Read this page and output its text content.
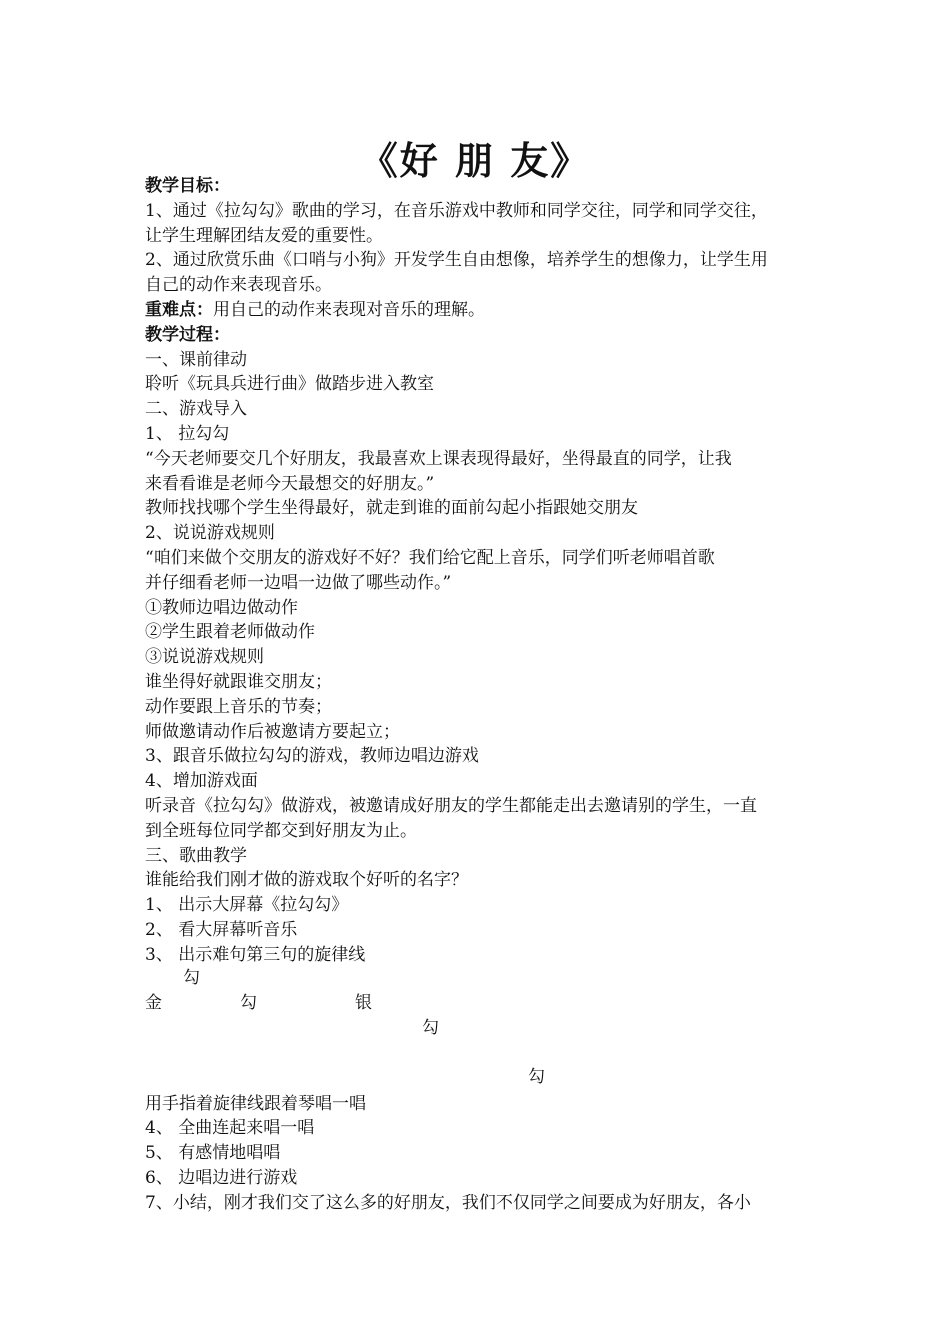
《好 朋 友》
教学目标：
1、通过《拉勾勾》歌曲的学习，在音乐游戏中教师和同学交往，同学和同学交往，
让学生理解团结友爱的重要性。
2、通过欣赏乐曲《口哨与小狗》开发学生自由想像，培养学生的想像力，让学生用
自己的动作来表现音乐。
重难点：用自己的动作来表现对音乐的理解。
教学过程：
一、课前律动
聆听《玩具兵进行曲》做踏步进入教室
二、游戏导入
1、 拉勾勾
“今天老师要交几个好朋友，我最喜欢上课表现得最好，坐得最直的同学，让我
来看看谁是老师今天最想交的好朋友。”
教师找找哪个学生坐得最好，就走到谁的面前勾起小指跟她交朋友
2、说说游戏规则
“咱们来做个交朋友的游戏好不好？我们给它配上音乐，同学们听老师唱首歌
并仔细看老师一边唱一边做了哪些动作。”
①教师边唱边做动作
②学生跟着老师做动作
③说说游戏规则
谁坐得好就跟谁交朋友；
动作要跟上音乐的节奏；
师做邀请动作后被邀请方要起立；
3、跟音乐做拉勾勾的游戏，教师边唱边游戏
4、增加游戏面
听录音《拉勾勾》做游戏，被邀请成好朋友的学生都能走出去邀请别的学生，一直
到全班每位同学都交到好朋友为止。
三、歌曲教学
谁能给我们刚才做的游戏取个好听的名字？
1、 出示大屏幕《拉勾勾》
2、 看大屏幕听音乐
3、 出示难句第三句的旋律线
勾
金	勾	银
勾
勾
用手指着旋律线跟着琴唱一唱
4、 全曲连起来唱一唱
5、 有感情地唱唱
6、 边唱边进行游戏
7、小结，刚才我们交了这么多的好朋友，我们不仅同学之间要成为好朋友，各小
